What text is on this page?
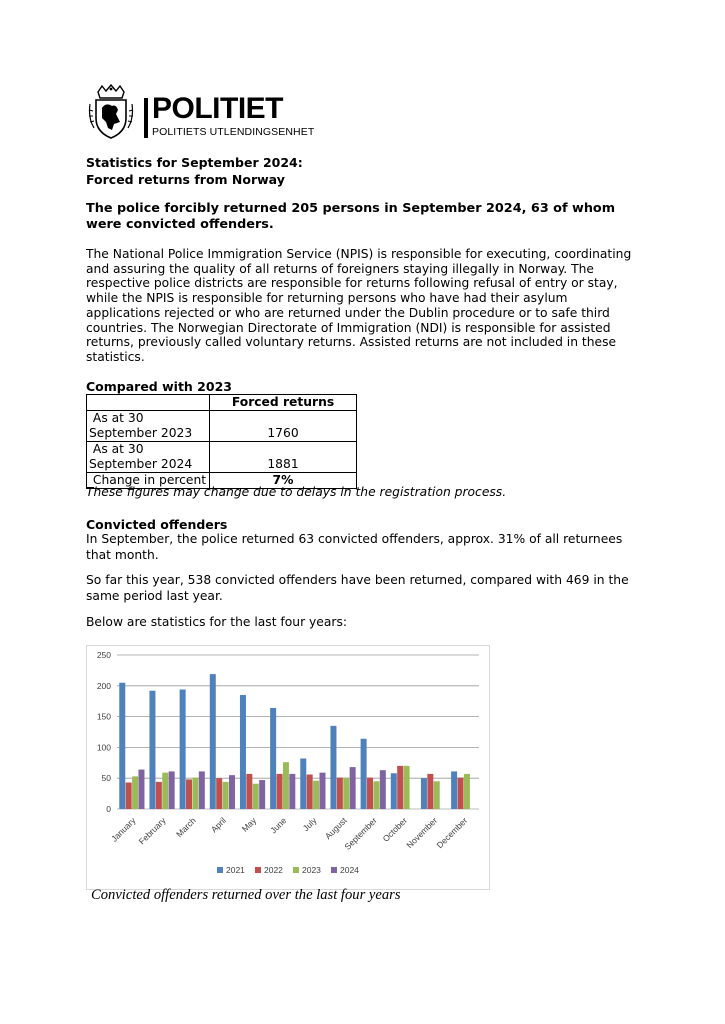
POLITIET
POLITIETS UTLENDINGSENHET
Statistics for September 2024:
Forced returns from Norway
The police forcibly returned 205 persons in September 2024, 63 of whom were convicted offenders.
The National Police Immigration Service (NPIS) is responsible for executing, coordinating
and assuring the quality of all returns of foreigners staying illegally in Norway. The
respective police districts are responsible for returns following refusal of entry or stay,
while the NPIS is responsible for returning persons who have had their asylum
applications rejected or who are returned under the Dublin procedure or to safe third
countries. The Norwegian Directorate of Immigration (NDI) is responsible for assisted
returns, previously called voluntary returns. Assisted returns are not included in these
statistics.
Compared with 2023
	Forced returns

As at 30
September 2023	1760

As at 30
September 2024	1881
Change in percent	7%
These figures may change due to delays in the registration process.
Convicted offenders
In September, the police returned 63 convicted offenders, approx. 31% of all returnees
that month.
So far this year, 538 convicted offenders have been returned, compared with 469 in the
same period last year.
Below are statistics for the last four years:
0
50
100
150
200
250
January February March April May June July August
September October
November
December
2021 2022 2023 2024
Convicted offenders returned over the last four years
